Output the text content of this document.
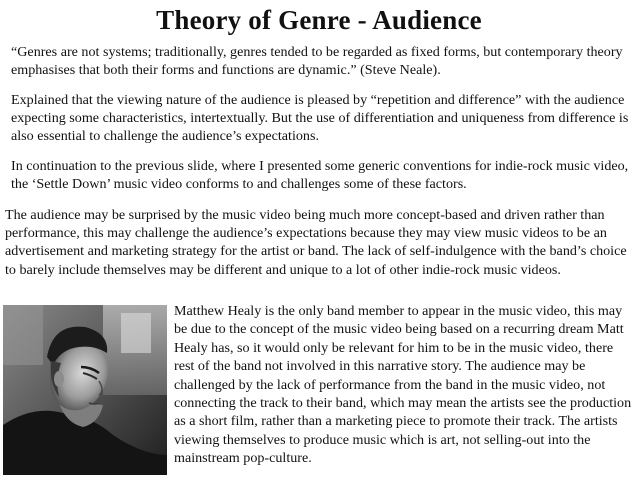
Theory of Genre - Audience

“Genres are not systems; traditionally, genres tended to be regarded as fixed forms, but contemporary theory emphasises that both their forms and functions are dynamic.” (Steve Neale).

Explained that the viewing nature of the audience is pleased by “repetition and difference” with the audience expecting some characteristics, intertextually. But the use of differentiation and uniqueness from difference is also essential to challenge the audience’s expectations.

In continuation to the previous slide, where I presented some generic conventions for indie-rock music video, the ‘Settle Down’ music video conforms to and challenges some of these factors.

The audience may be surprised by the music video being much more concept-based and driven rather than performance, this may challenge the audience’s expectations because they may view music videos to be an advertisement and marketing strategy for the artist or band. The lack of self-indulgence with the band’s choice to barely include themselves may be different and unique to a lot of other indie-rock music videos.

Matthew Healy is the only band member to appear in the music video, this may be due to the concept of the music video being based on a recurring dream Matt Healy has, so it would only be relevant for him to be in the music video, there rest of the band not involved in this narrative story. The audience may be challenged by the lack of performance from the band in the music video, not connecting the track to their band, which may mean the artists see the production as a short film, rather than a marketing piece to promote their track. The artists viewing themselves to produce music which is art, not selling-out into the mainstream pop-culture.
